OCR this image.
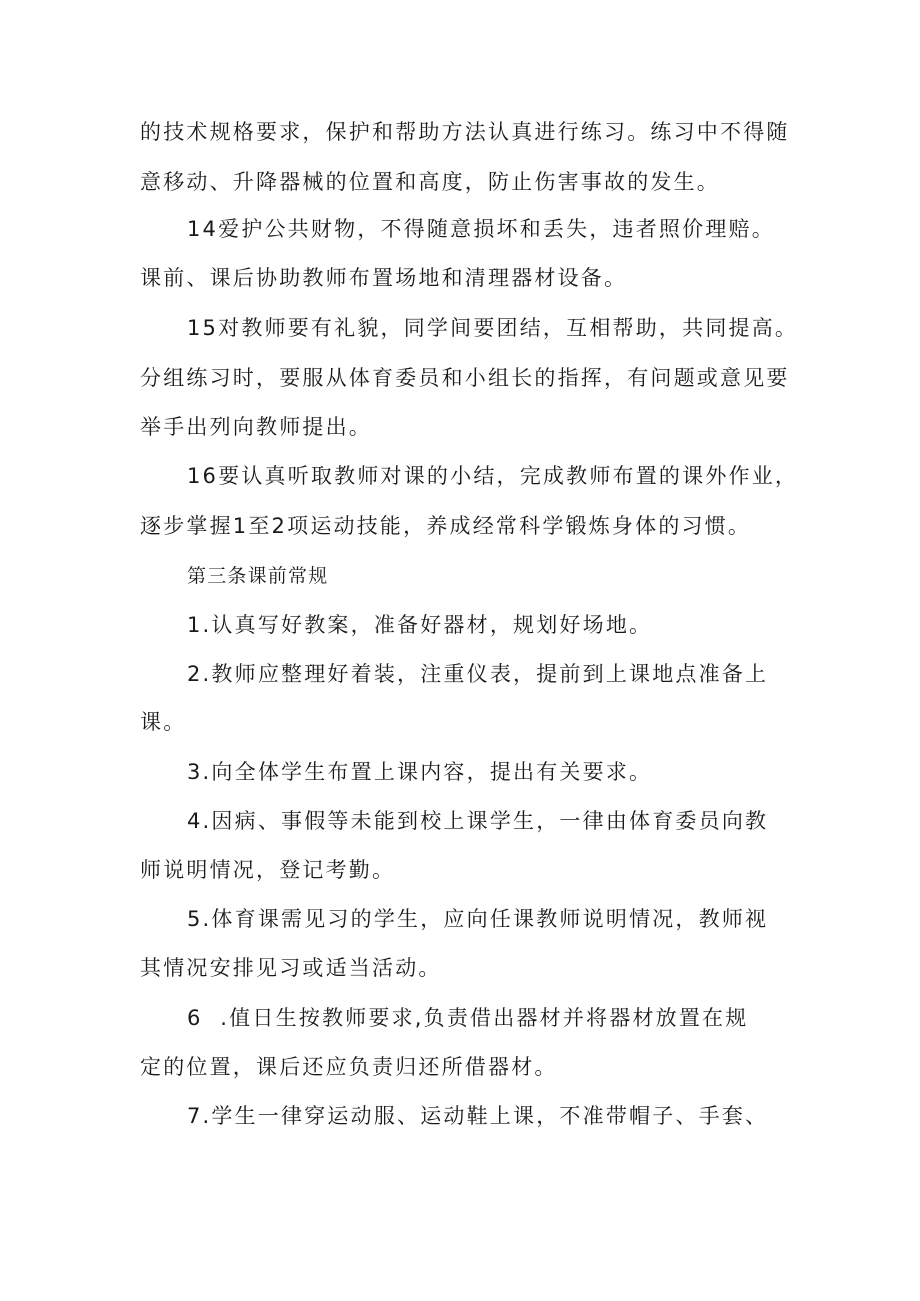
的技术规格要求，保护和帮助方法认真进行练习。练习中不得随
意移动、升降器械的位置和高度，防止伤害事故的发生。
14爱护公共财物，不得随意损坏和丢失，违者照价理赔。
课前、课后协助教师布置场地和清理器材设备。
15对教师要有礼貌，同学间要团结，互相帮助，共同提高。
分组练习时，要服从体育委员和小组长的指挥，有问题或意见要
举手出列向教师提出。
16要认真听取教师对课的小结，完成教师布置的课外作业，
逐步掌握1至2项运动技能，养成经常科学锻炼身体的习惯。
第三条课前常规
1.认真写好教案，准备好器材，规划好场地。
2.教师应整理好着装，注重仪表，提前到上课地点准备上
课。
3.向全体学生布置上课内容，提出有关要求。
4.因病、事假等未能到校上课学生，一律由体育委员向教
师说明情况，登记考勤。
5.体育课需见习的学生，应向任课教师说明情况，教师视
其情况安排见习或适当活动。
6  .值日生按教师要求,负责借出器材并将器材放置在规
定的位置，课后还应负责归还所借器材。
7.学生一律穿运动服、运动鞋上课，不准带帽子、手套、
